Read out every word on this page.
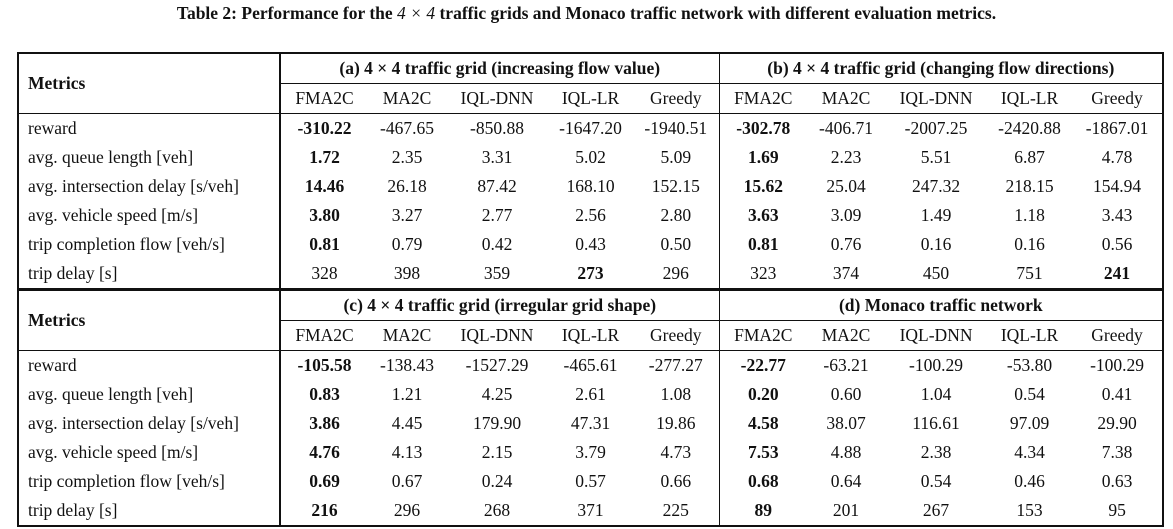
Table 2: Performance for the 4 × 4 traffic grids and Monaco traffic network with different evaluation metrics.
Metrics	(a) 4 × 4 traffic grid (increasing flow value)					(b) 4 × 4 traffic grid (changing flow directions)				
	FMA2C	MA2C	IQL-DNN	IQL-LR	Greedy	FMA2C	MA2C	IQL-DNN	IQL-LR	Greedy
reward	-310.22	-467.65	-850.88	-1647.20	-1940.51	-302.78	-406.71	-2007.25	-2420.88	-1867.01
avg. queue length [veh]	1.72	2.35	3.31	5.02	5.09	1.69	2.23	5.51	6.87	4.78
avg. intersection delay [s/veh]	14.46	26.18	87.42	168.10	152.15	15.62	25.04	247.32	218.15	154.94
avg. vehicle speed [m/s]	3.80	3.27	2.77	2.56	2.80	3.63	3.09	1.49	1.18	3.43
trip completion flow [veh/s]	0.81	0.79	0.42	0.43	0.50	0.81	0.76	0.16	0.16	0.56
trip delay [s]	328	398	359	273	296	323	374	450	751	241
Metrics	(c) 4 × 4 traffic grid (irregular grid shape)					(d) Monaco traffic network				
	FMA2C	MA2C	IQL-DNN	IQL-LR	Greedy	FMA2C	MA2C	IQL-DNN	IQL-LR	Greedy
reward	-105.58	-138.43	-1527.29	-465.61	-277.27	-22.77	-63.21	-100.29	-53.80	-100.29
avg. queue length [veh]	0.83	1.21	4.25	2.61	1.08	0.20	0.60	1.04	0.54	0.41
avg. intersection delay [s/veh]	3.86	4.45	179.90	47.31	19.86	4.58	38.07	116.61	97.09	29.90
avg. vehicle speed [m/s]	4.76	4.13	2.15	3.79	4.73	7.53	4.88	2.38	4.34	7.38
trip completion flow [veh/s]	0.69	0.67	0.24	0.57	0.66	0.68	0.64	0.54	0.46	0.63
trip delay [s]	216	296	268	371	225	89	201	267	153	95
